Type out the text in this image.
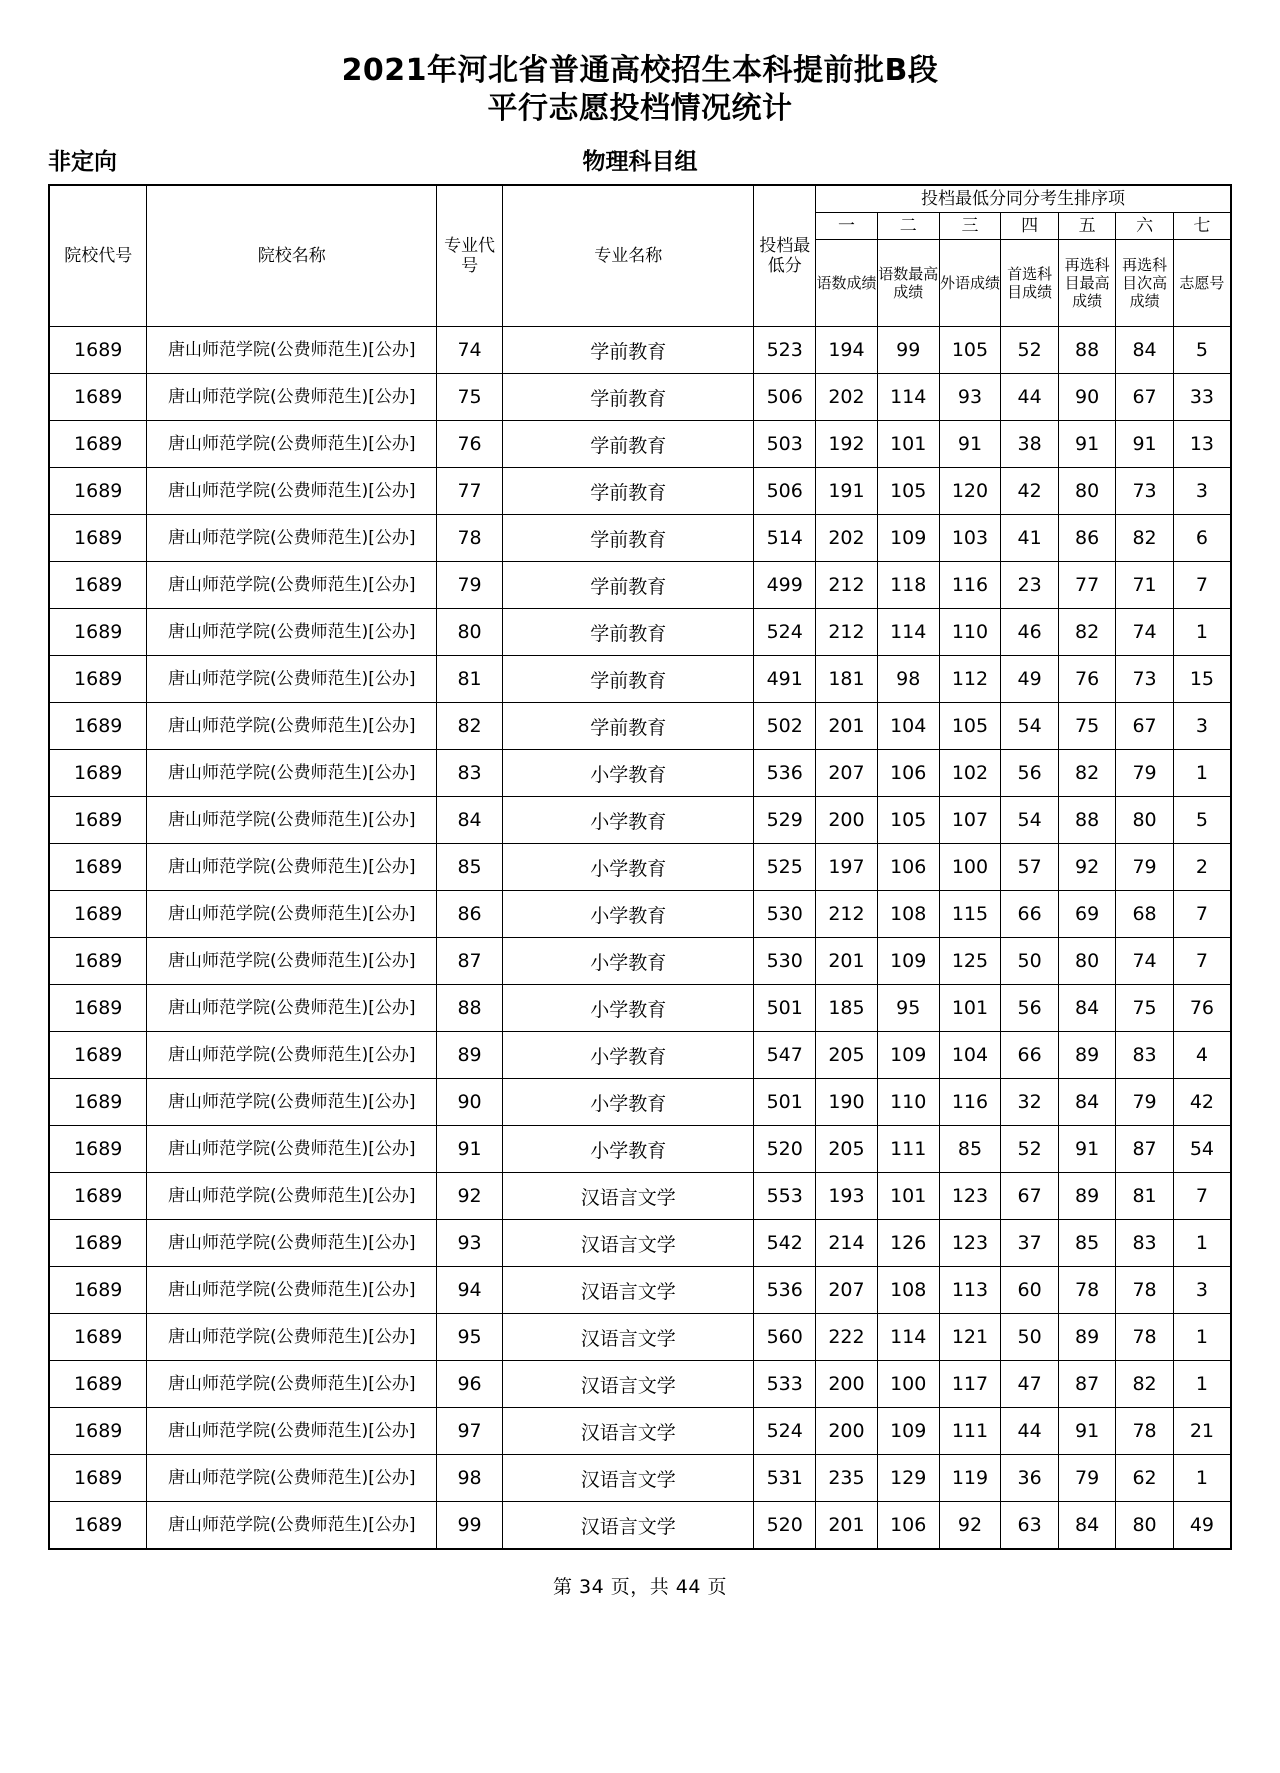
2021年河北省普通高校招生本科提前批B段
平行志愿投档情况统计
非定向	物理科目组
院校代号	院校名称	专业代号	专业名称	投档最低分	投档最低分同分考生排序项						
					一	二	三	四	五	六	七
					语数成绩	语数最高成绩	外语成绩	首选科目成绩	再选科目最高成绩	再选科目次高成绩	志愿号
1689	唐山师范学院(公费师范生)[公办]	74	学前教育	523	194	99	105	52	88	84	5
1689	唐山师范学院(公费师范生)[公办]	75	学前教育	506	202	114	93	44	90	67	33
1689	唐山师范学院(公费师范生)[公办]	76	学前教育	503	192	101	91	38	91	91	13
1689	唐山师范学院(公费师范生)[公办]	77	学前教育	506	191	105	120	42	80	73	3
1689	唐山师范学院(公费师范生)[公办]	78	学前教育	514	202	109	103	41	86	82	6
1689	唐山师范学院(公费师范生)[公办]	79	学前教育	499	212	118	116	23	77	71	7
1689	唐山师范学院(公费师范生)[公办]	80	学前教育	524	212	114	110	46	82	74	1
1689	唐山师范学院(公费师范生)[公办]	81	学前教育	491	181	98	112	49	76	73	15
1689	唐山师范学院(公费师范生)[公办]	82	学前教育	502	201	104	105	54	75	67	3
1689	唐山师范学院(公费师范生)[公办]	83	小学教育	536	207	106	102	56	82	79	1
1689	唐山师范学院(公费师范生)[公办]	84	小学教育	529	200	105	107	54	88	80	5
1689	唐山师范学院(公费师范生)[公办]	85	小学教育	525	197	106	100	57	92	79	2
1689	唐山师范学院(公费师范生)[公办]	86	小学教育	530	212	108	115	66	69	68	7
1689	唐山师范学院(公费师范生)[公办]	87	小学教育	530	201	109	125	50	80	74	7
1689	唐山师范学院(公费师范生)[公办]	88	小学教育	501	185	95	101	56	84	75	76
1689	唐山师范学院(公费师范生)[公办]	89	小学教育	547	205	109	104	66	89	83	4
1689	唐山师范学院(公费师范生)[公办]	90	小学教育	501	190	110	116	32	84	79	42
1689	唐山师范学院(公费师范生)[公办]	91	小学教育	520	205	111	85	52	91	87	54
1689	唐山师范学院(公费师范生)[公办]	92	汉语言文学	553	193	101	123	67	89	81	7
1689	唐山师范学院(公费师范生)[公办]	93	汉语言文学	542	214	126	123	37	85	83	1
1689	唐山师范学院(公费师范生)[公办]	94	汉语言文学	536	207	108	113	60	78	78	3
1689	唐山师范学院(公费师范生)[公办]	95	汉语言文学	560	222	114	121	50	89	78	1
1689	唐山师范学院(公费师范生)[公办]	96	汉语言文学	533	200	100	117	47	87	82	1
1689	唐山师范学院(公费师范生)[公办]	97	汉语言文学	524	200	109	111	44	91	78	21
1689	唐山师范学院(公费师范生)[公办]	98	汉语言文学	531	235	129	119	36	79	62	1
1689	唐山师范学院(公费师范生)[公办]	99	汉语言文学	520	201	106	92	63	84	80	49
第 34 页，共 44 页
